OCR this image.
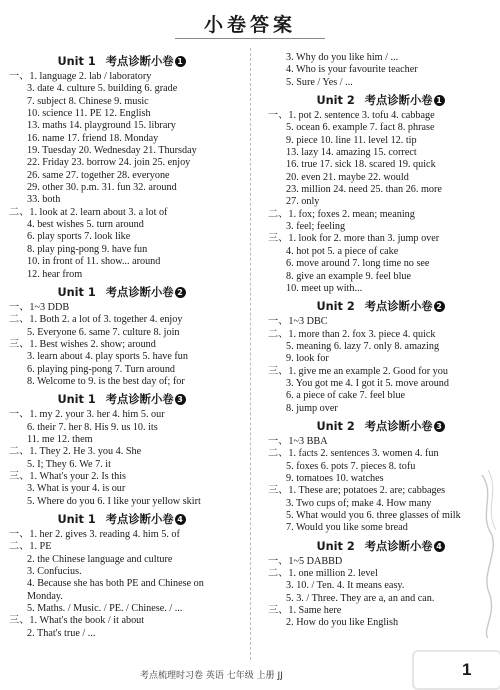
小卷答案
Unit 1 考点诊断小卷 1
一、1. language 2. lab / laboratory
3. date 4. culture 5. building 6. grade
7. subject 8. Chinese 9. music
10. science 11. PE 12. English
13. maths 14. playground 15. library
16. name 17. friend 18. Monday
19. Tuesday 20. Wednesday 21. Thursday
22. Friday 23. borrow 24. join 25. enjoy
26. same 27. together 28. everyone
29. other 30. p.m. 31. fun 32. around
33. both
二、1. look at 2. learn about 3. a lot of
4. best wishes 5. turn around
6. play sports 7. look like
8. play ping-pong 9. have fun
10. in front of 11. show... around
12. hear from
Unit 1 考点诊断小卷 2
一、1~3 DDB
二、1. Both 2. a lot of 3. together 4. enjoy
5. Everyone 6. same 7. culture 8. join
三、1. Best wishes 2. show; around
3. learn about 4. play sports 5. have fun
6. playing ping-pong 7. Turn around
8. Welcome to 9. is the best day of; for
Unit 1 考点诊断小卷 3
一、1. my 2. your 3. her 4. him 5. our
6. their 7. her 8. His 9. us 10. its
11. me 12. them
二、1. They 2. He 3. you 4. She
5. I; They 6. We 7. it
三、1. What's your 2. Is this
3. What is your 4. is our
5. Where do you 6. I like your yellow skirt
Unit 1 考点诊断小卷 4
一、1. her 2. gives 3. reading 4. him 5. of
二、1. PE
2. the Chinese language and culture
3. Confucius.
4. Because she has both PE and Chinese on
Monday.
5. Maths. / Music. / PE. / Chinese. / ...
三、1. What's the book / it about
2. That's true / ...
3. Why do you like him / ...
4. Who is your favourite teacher
5. Sure / Yes / ...
Unit 2 考点诊断小卷 1
一、1. pot 2. sentence 3. tofu 4. cabbage
5. ocean 6. example 7. fact 8. phrase
9. piece 10. line 11. level 12. tip
13. lazy 14. amazing 15. correct
16. true 17. sick 18. scared 19. quick
20. even 21. maybe 22. would
23. million 24. need 25. than 26. more
27. only
二、1. fox; foxes 2. mean; meaning
3. feel; feeling
三、1. look for 2. more than 3. jump over
4. hot pot 5. a piece of cake
6. move around 7. long time no see
8. give an example 9. feel blue
10. meet up with...
Unit 2 考点诊断小卷 2
一、1~3 DBC
二、1. more than 2. fox 3. piece 4. quick
5. meaning 6. lazy 7. only 8. amazing
9. look for
三、1. give me an example 2. Good for you
3. You got me 4. I got it 5. move around
6. a piece of cake 7. feel blue
8. jump over
Unit 2 考点诊断小卷 3
一、1~3 BBA
二、1. facts 2. sentences 3. women 4. fun
5. foxes 6. pots 7. pieces 8. tofu
9. tomatoes 10. watches
三、1. These are; potatoes 2. are; cabbages
3. Two cups of; make 4. How many
5. What would you 6. three glasses of milk
7. Would you like some bread
Unit 2 考点诊断小卷 4
一、1~5 DABBD
二、1. one million 2. level
3. 10. / Ten. 4. It means easy.
5. 3. / Three. They are a, an and can.
三、1. Same here
2. How do you like English
考点梳理时习卷 英语 七年级 上册 JJ	1
